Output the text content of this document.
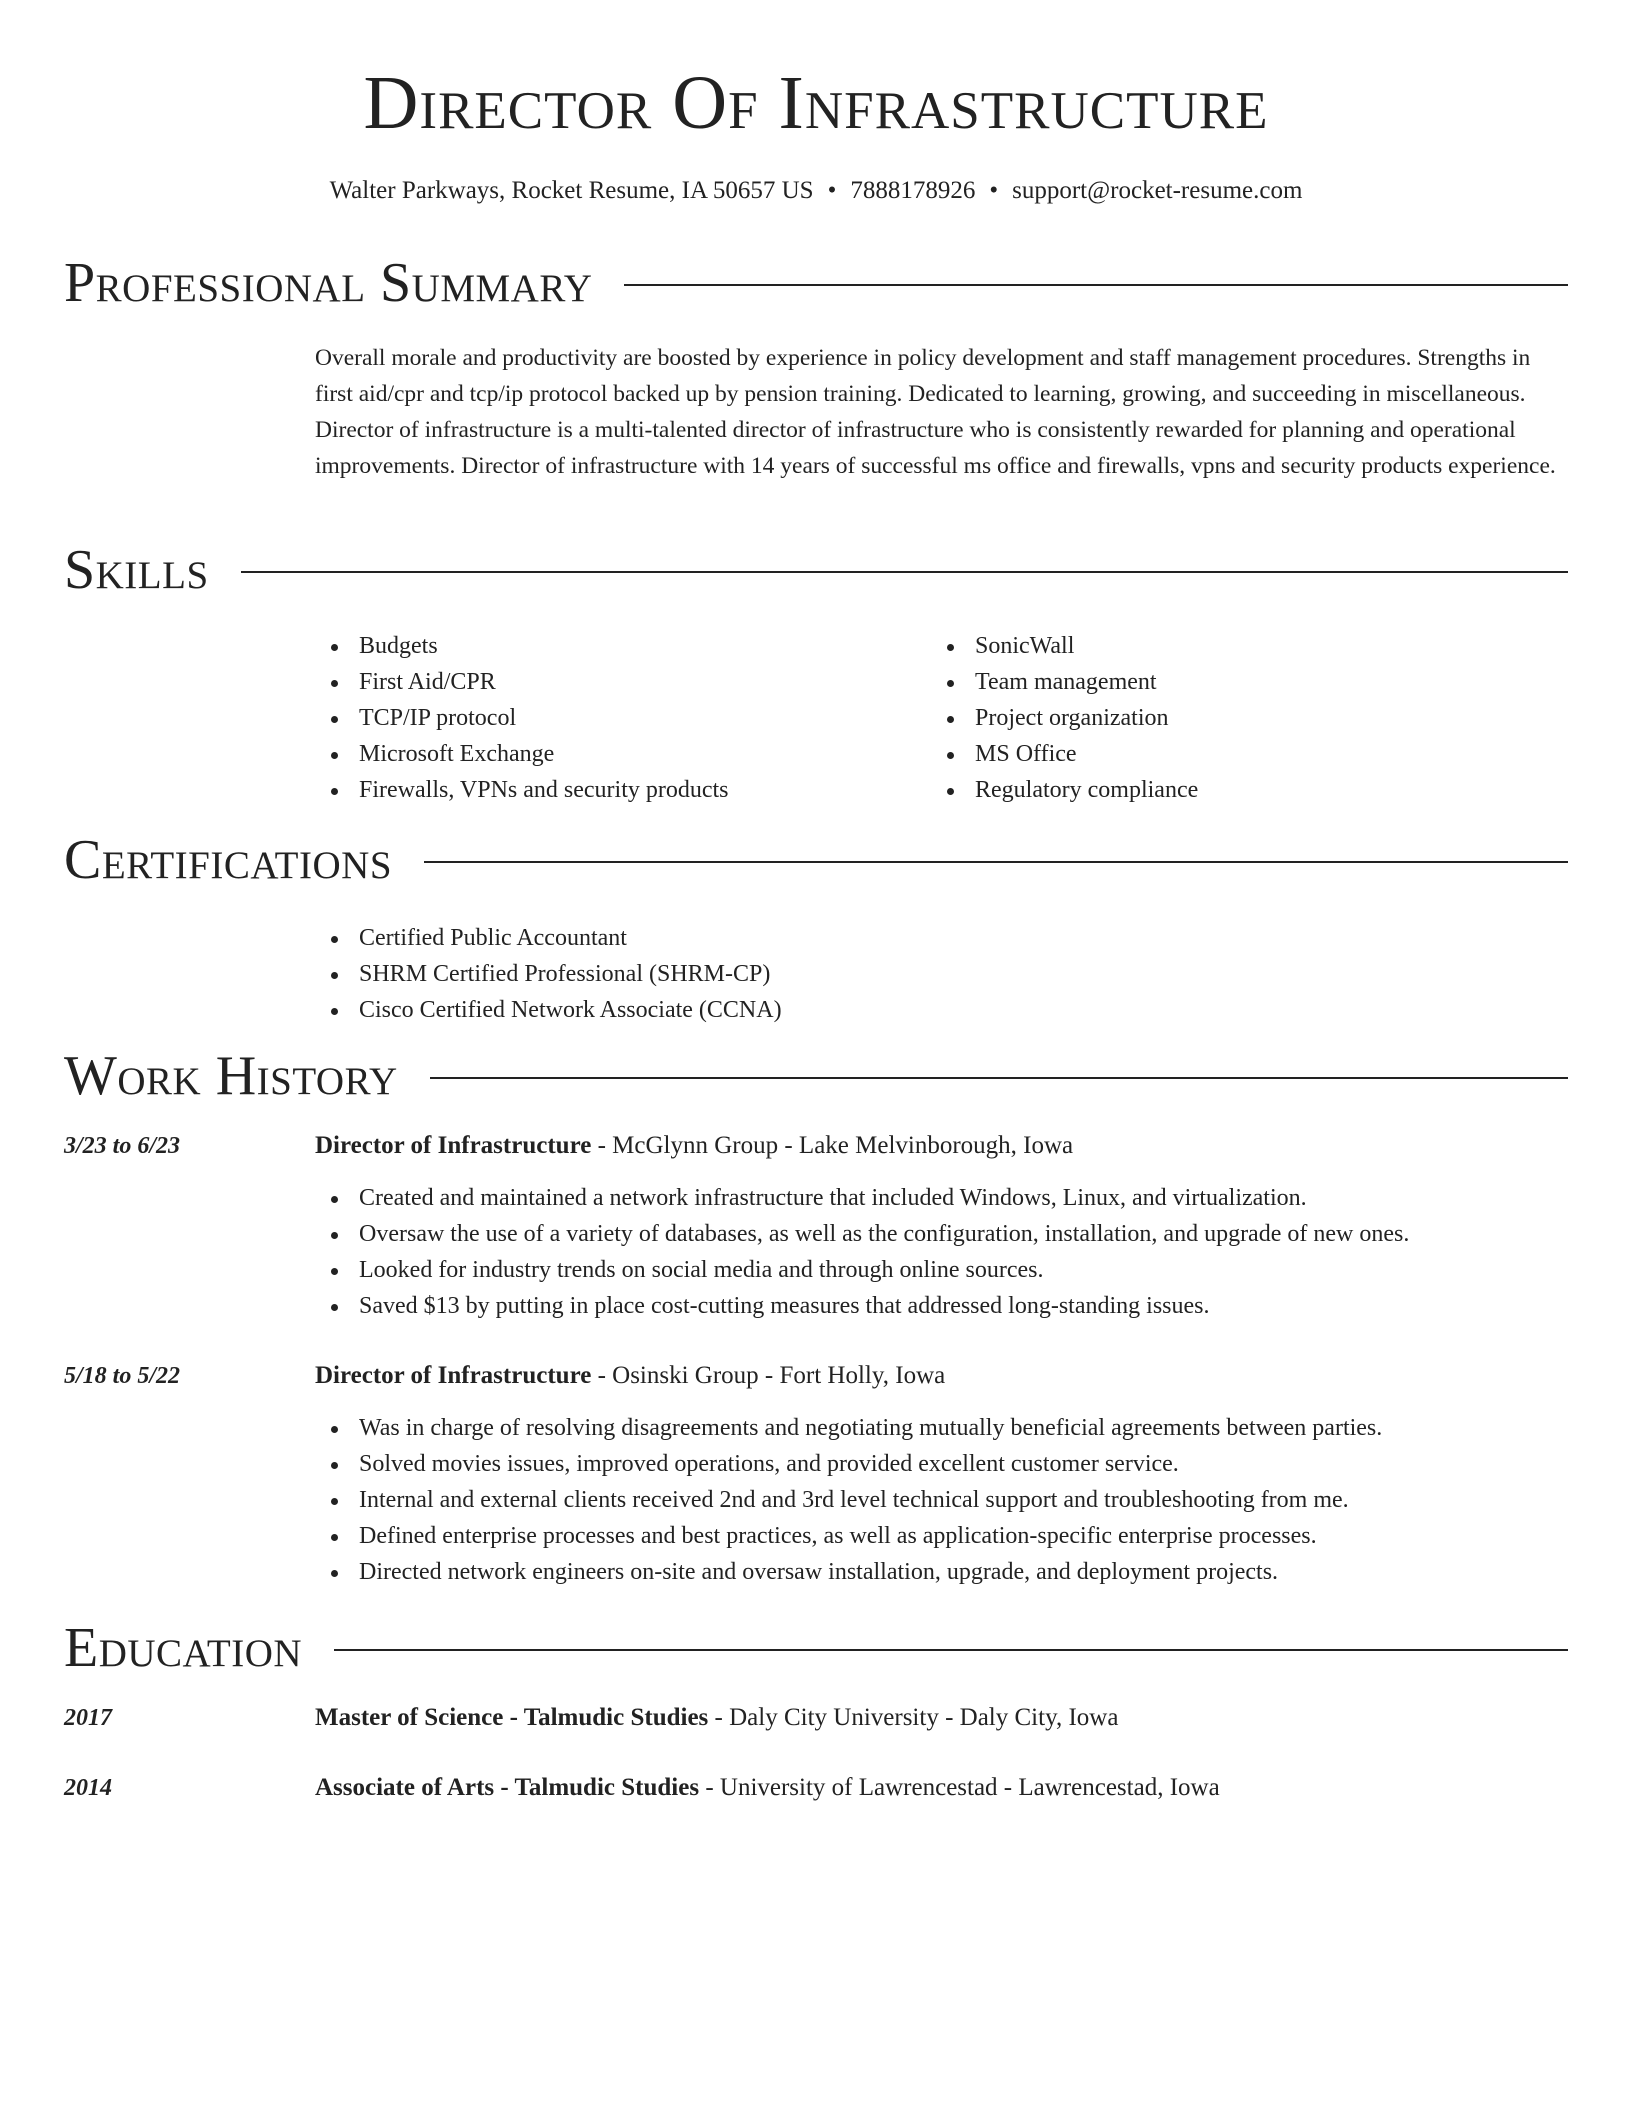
Director Of Infrastructure
Walter Parkways, Rocket Resume, IA 50657 US • 7888178926 • support@rocket-resume.com
Professional Summary
Overall morale and productivity are boosted by experience in policy development and staff management procedures. Strengths in first aid/cpr and tcp/ip protocol backed up by pension training. Dedicated to learning, growing, and succeeding in miscellaneous. Director of infrastructure is a multi-talented director of infrastructure who is consistently rewarded for planning and operational improvements. Director of infrastructure with 14 years of successful ms office and firewalls, vpns and security products experience.
Skills
Budgets
First Aid/CPR
TCP/IP protocol
Microsoft Exchange
Firewalls, VPNs and security products
SonicWall
Team management
Project organization
MS Office
Regulatory compliance
Certifications
Certified Public Accountant
SHRM Certified Professional (SHRM-CP)
Cisco Certified Network Associate (CCNA)
Work History
3/23 to 6/23	Director of Infrastructure - McGlynn Group - Lake Melvinborough, Iowa
Created and maintained a network infrastructure that included Windows, Linux, and virtualization.
Oversaw the use of a variety of databases, as well as the configuration, installation, and upgrade of new ones.
Looked for industry trends on social media and through online sources.
Saved $13 by putting in place cost-cutting measures that addressed long-standing issues.
5/18 to 5/22	Director of Infrastructure - Osinski Group - Fort Holly, Iowa
Was in charge of resolving disagreements and negotiating mutually beneficial agreements between parties.
Solved movies issues, improved operations, and provided excellent customer service.
Internal and external clients received 2nd and 3rd level technical support and troubleshooting from me.
Defined enterprise processes and best practices, as well as application-specific enterprise processes.
Directed network engineers on-site and oversaw installation, upgrade, and deployment projects.
Education
2017	Master of Science - Talmudic Studies - Daly City University - Daly City, Iowa
2014	Associate of Arts - Talmudic Studies - University of Lawrencestad - Lawrencestad, Iowa
